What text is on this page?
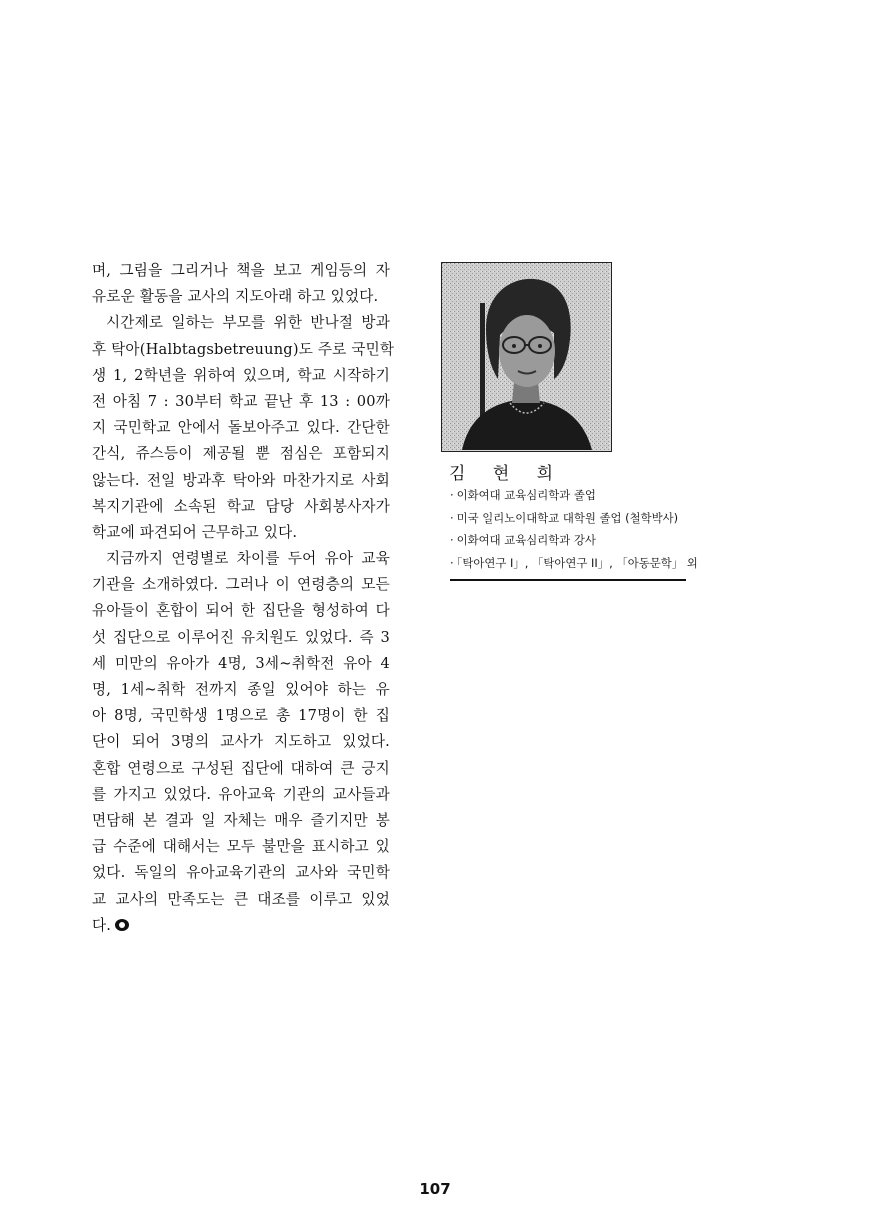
며, 그림을 그리거나 책을 보고 게임등의 자
유로운 활동을 교사의 지도아래 하고 있었다.
시간제로 일하는 부모를 위한 반나절 방과
후 탁아(Halbtagsbetreuung)도 주로 국민학
생 1, 2학년을 위하여 있으며, 학교 시작하기
전 아침 7 : 30부터 학교 끝난 후 13 : 00까
지 국민학교 안에서 돌보아주고 있다. 간단한
간식, 쥬스등이 제공될 뿐 점심은 포함되지
않는다. 전일 방과후 탁아와 마찬가지로 사회
복지기관에 소속된 학교 담당 사회봉사자가
학교에 파견되어 근무하고 있다.
지금까지 연령별로 차이를 두어 유아 교육
기관을 소개하였다. 그러나 이 연령층의 모든
유아들이 혼합이 되어 한 집단을 형성하여 다
섯 집단으로 이루어진 유치원도 있었다. 즉 3
세 미만의 유아가 4명, 3세~취학전 유아 4
명, 1세~취학 전까지 종일 있어야 하는 유
아 8명, 국민학생 1명으로 총 17명이 한 집
단이 되어 3명의 교사가 지도하고 있었다.
혼합 연령으로 구성된 집단에 대하여 큰 긍지
를 가지고 있었다. 유아교육 기관의 교사들과
면담해 본 결과 일 자체는 매우 즐기지만 봉
급 수준에 대해서는 모두 불만을 표시하고 있
었다. 독일의 유아교육기관의 교사와 국민학
교 교사의 만족도는 큰 대조를 이루고 있었
다.
김 현 희
· 이화여대 교육심리학과 졸업
· 미국 일리노이대학교 대학원 졸업 (철학박사)
· 이화여대 교육심리학과 강사
· 「탁아연구 I」, 「탁아연구 II」, 「아동문학」 외
107
